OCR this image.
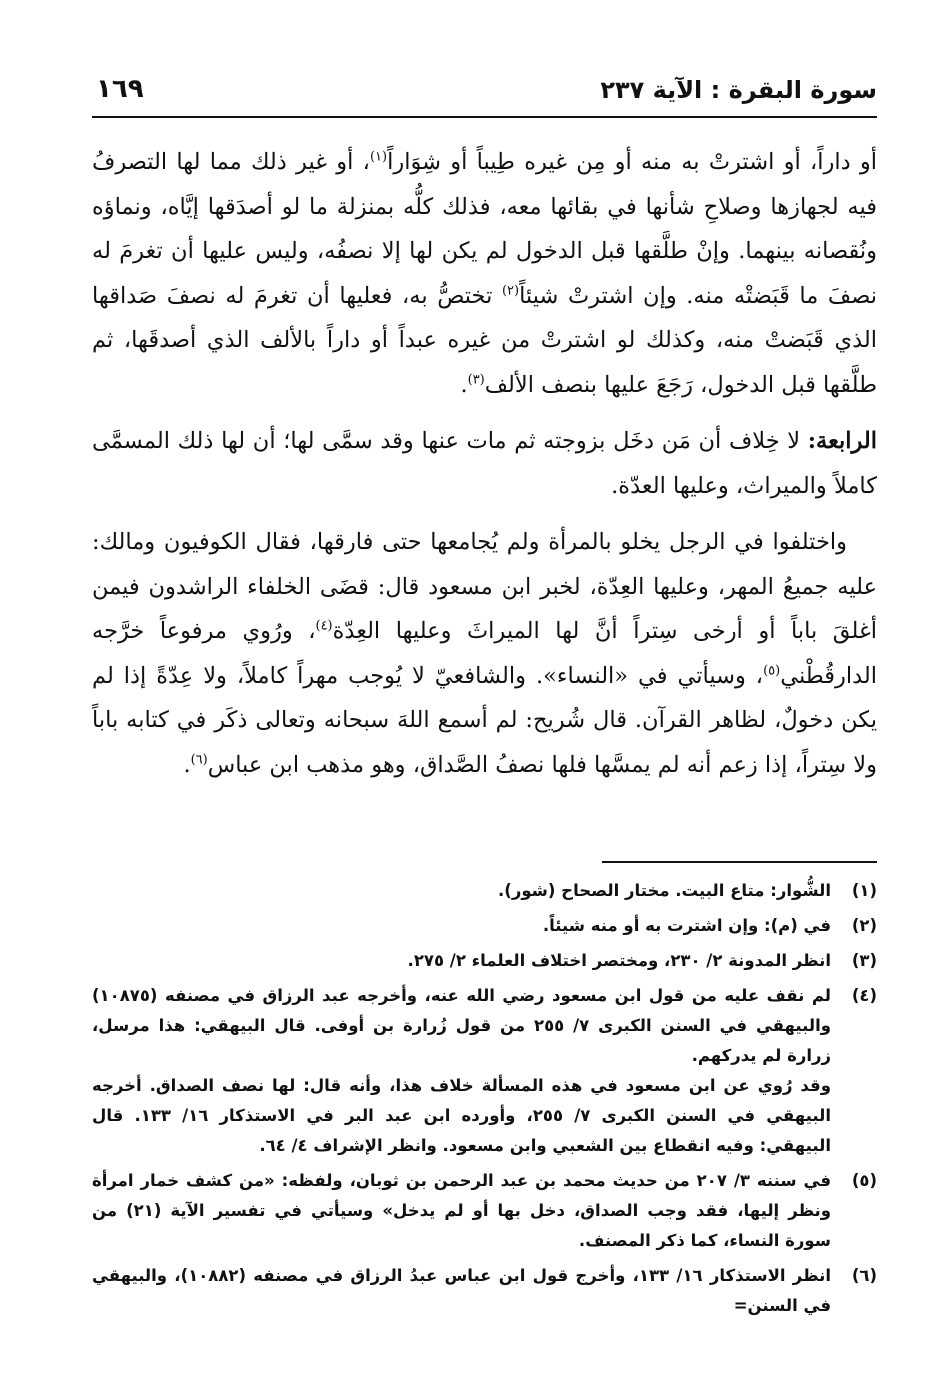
سورة البقرة : الآية ٢٣٧
١٦٩

أو داراً، أو اشترتْ به منه أو مِن غيره طِيباً أو شِوَاراً$^{(١)}$، أو غير ذلك مما لها التصرفُ فيه لجهازها وصلاحِ شأنها في بقائها معه، فذلك كلُّه بمنزلة ما لو أصدَقها إيَّاه، ونماؤه ونُقصانه بينهما. وإنْ طلَّقها قبل الدخول لم يكن لها إلا نصفُه، وليس عليها أن تغرمَ له نصفَ ما قَبَضتْه منه. وإن اشترتْ شيئاً$^{(٢)}$ تختصُّ به، فعليها أن تغرمَ له نصفَ صَداقها الذي قَبَضتْ منه، وكذلك لو اشترتْ من غيره عبداً أو داراً بالألف الذي أصدقَها، ثم طلَّقها قبل الدخول، رَجَعَ عليها بنصف الألف$^{(٣)}$.

الرابعة: لا خِلاف أن مَن دخَل بزوجته ثم مات عنها وقد سمَّى لها؛ أن لها ذلك المسمَّى كاملاً والميراث، وعليها العدّة.

واختلفوا في الرجل يخلو بالمرأة ولم يُجامعها حتى فارقها، فقال الكوفيون ومالك: عليه جميعُ المهر، وعليها العِدّة، لخبر ابن مسعود قال: قضَى الخلفاء الراشدون فيمن أغلقَ باباً أو أرخى سِتراً أنَّ لها الميراثَ وعليها العِدّة$^{(٤)}$، ورُوي مرفوعاً خرَّجه الدارقُطْني$^{(٥)}$، وسيأتي في «النساء». والشافعيّ لا يُوجب مهراً كاملاً، ولا عِدّةً إذا لم يكن دخولٌ، لظاهر القرآن. قال شُريح: لم أسمع اللهَ سبحانه وتعالى ذكَر في كتابه باباً ولا سِتراً، إذا زعم أنه لم يمسَّها فلها نصفُ الصَّداق، وهو مذهب ابن عباس$^{(٦)}$.

(١)
الشُّوار: متاع البيت. مختار الصحاح (شور).
(٢)
في (م): وإن اشترت به أو منه شيئاً.
(٣)
انظر المدونة ٢/ ٢٣٠، ومختصر اختلاف العلماء ٢/ ٢٧٥.
(٤)
لم نقف عليه من قول ابن مسعود رضي الله عنه، وأخرجه عبد الرزاق في مصنفه (١٠٨٧٥) والبيهقي في السنن الكبرى ٧/ ٢٥٥ من قول زُرارة بن أوفى. قال البيهقي: هذا مرسل، زرارة لم يدركهم.
وقد رُوي عن ابن مسعود في هذه المسألة خلاف هذا، وأنه قال: لها نصف الصداق. أخرجه البيهقي في السنن الكبرى ٧/ ٢٥٥، وأورده ابن عبد البر في الاستذكار ١٦/ ١٣٣. قال البيهقي: وفيه انقطاع بين الشعبي وابن مسعود. وانظر الإشراف ٤/ ٦٤.
(٥)
في سننه ٣/ ٢٠٧ من حديث محمد بن عبد الرحمن بن ثوبان، ولفظه: «من كشف خمار امرأة ونظر إليها، فقد وجب الصداق، دخل بها أو لم يدخل» وسيأتي في تفسير الآية (٢١) من سورة النساء، كما ذكر المصنف.
(٦)
انظر الاستذكار ١٦/ ١٣٣، وأخرج قول ابن عباس عبدُ الرزاق في مصنفه (١٠٨٨٢)، والبيهقي في السنن=
